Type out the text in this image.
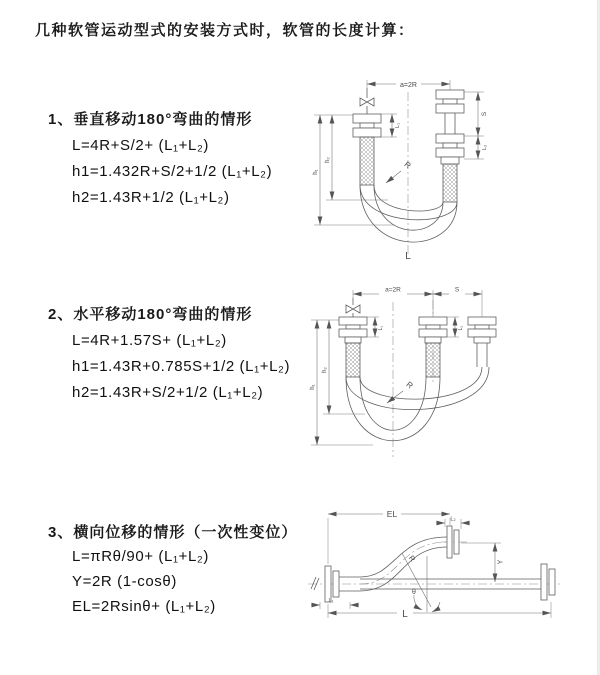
几种软管运动型式的安装方式时，软管的长度计算：
1、垂直移动180°弯曲的情形
L=4R+S/2+ (L₁+L₂)
h1=1.432R+S/2+1/2 (L₁+L₂)
h2=1.43R+1/2 (L₁+L₂)
2、水平移动180°弯曲的情形
L=4R+1.57S+ (L₁+L₂)
h1=1.43R+0.785S+1/2 (L₁+L₂)
h2=1.43R+S/2+1/2 (L₁+L₂)
3、横向位移的情形（一次性变位）
L=πRθ/90+ (L₁+L₂)
Y=2R (1-cosθ)
EL=2Rsinθ+ (L₁+L₂)
a=2R
S
L₂
L₁
h₂
h₁
R
L
a=2R	S
L₁	L₂
h₂
h₁	R
EL
L₂
θ
R	Y
L₁
L
